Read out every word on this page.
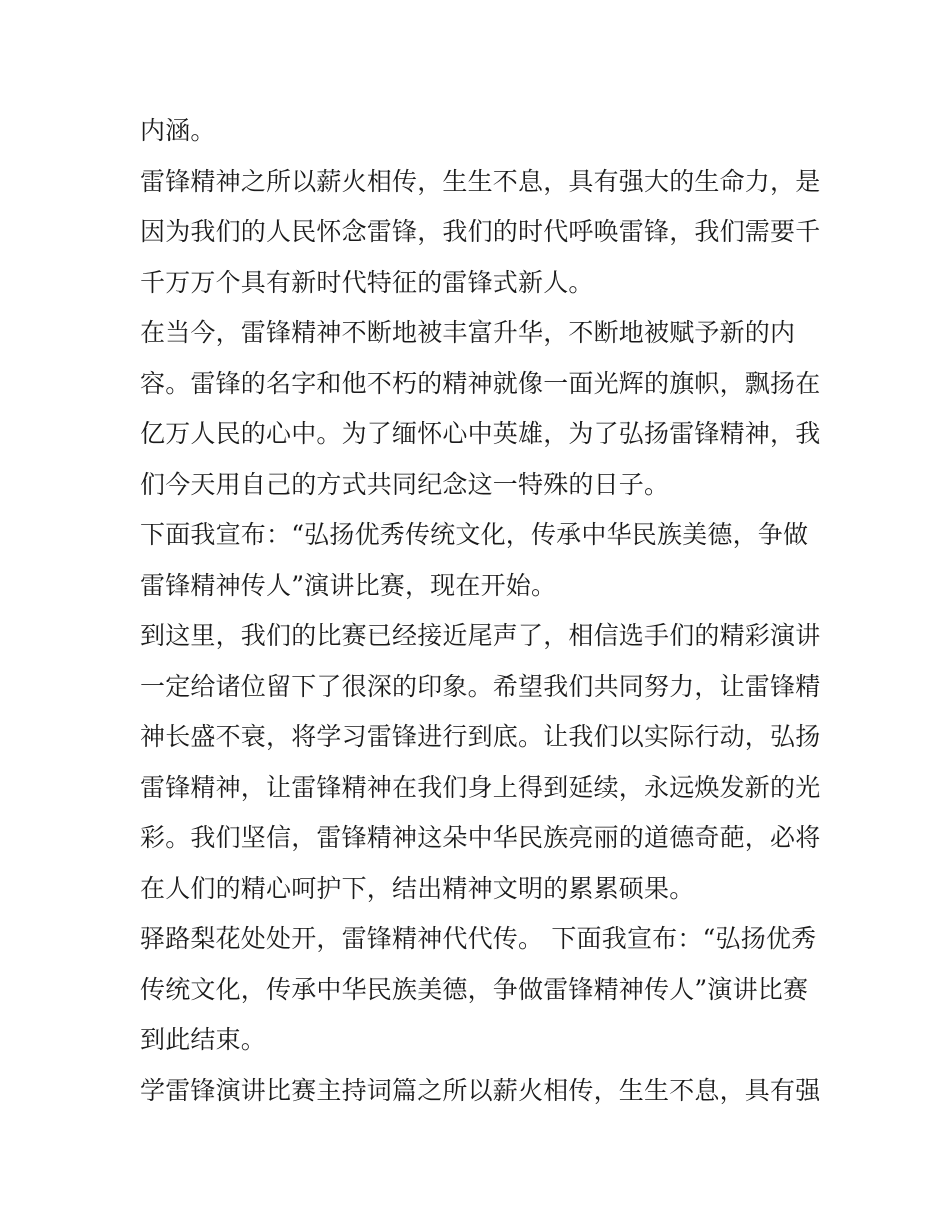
内涵。
雷锋精神之所以薪火相传，生生不息，具有强大的生命力，是
因为我们的人民怀念雷锋，我们的时代呼唤雷锋，我们需要千
千万万个具有新时代特征的雷锋式新人。
在当今，雷锋精神不断地被丰富升华，不断地被赋予新的内
容。雷锋的名字和他不朽的精神就像一面光辉的旗帜，飘扬在
亿万人民的心中。为了缅怀心中英雄，为了弘扬雷锋精神，我
们今天用自己的方式共同纪念这一特殊的日子。
下面我宣布：“弘扬优秀传统文化，传承中华民族美德，争做
雷锋精神传人”演讲比赛，现在开始。
到这里，我们的比赛已经接近尾声了，相信选手们的精彩演讲
一定给诸位留下了很深的印象。希望我们共同努力，让雷锋精
神长盛不衰，将学习雷锋进行到底。让我们以实际行动，弘扬
雷锋精神，让雷锋精神在我们身上得到延续，永远焕发新的光
彩。我们坚信，雷锋精神这朵中华民族亮丽的道德奇葩，必将
在人们的精心呵护下，结出精神文明的累累硕果。
驿路梨花处处开，雷锋精神代代传。 下面我宣布：“弘扬优秀
传统文化，传承中华民族美德，争做雷锋精神传人”演讲比赛
到此结束。
学雷锋演讲比赛主持词篇之所以薪火相传，生生不息，具有强
